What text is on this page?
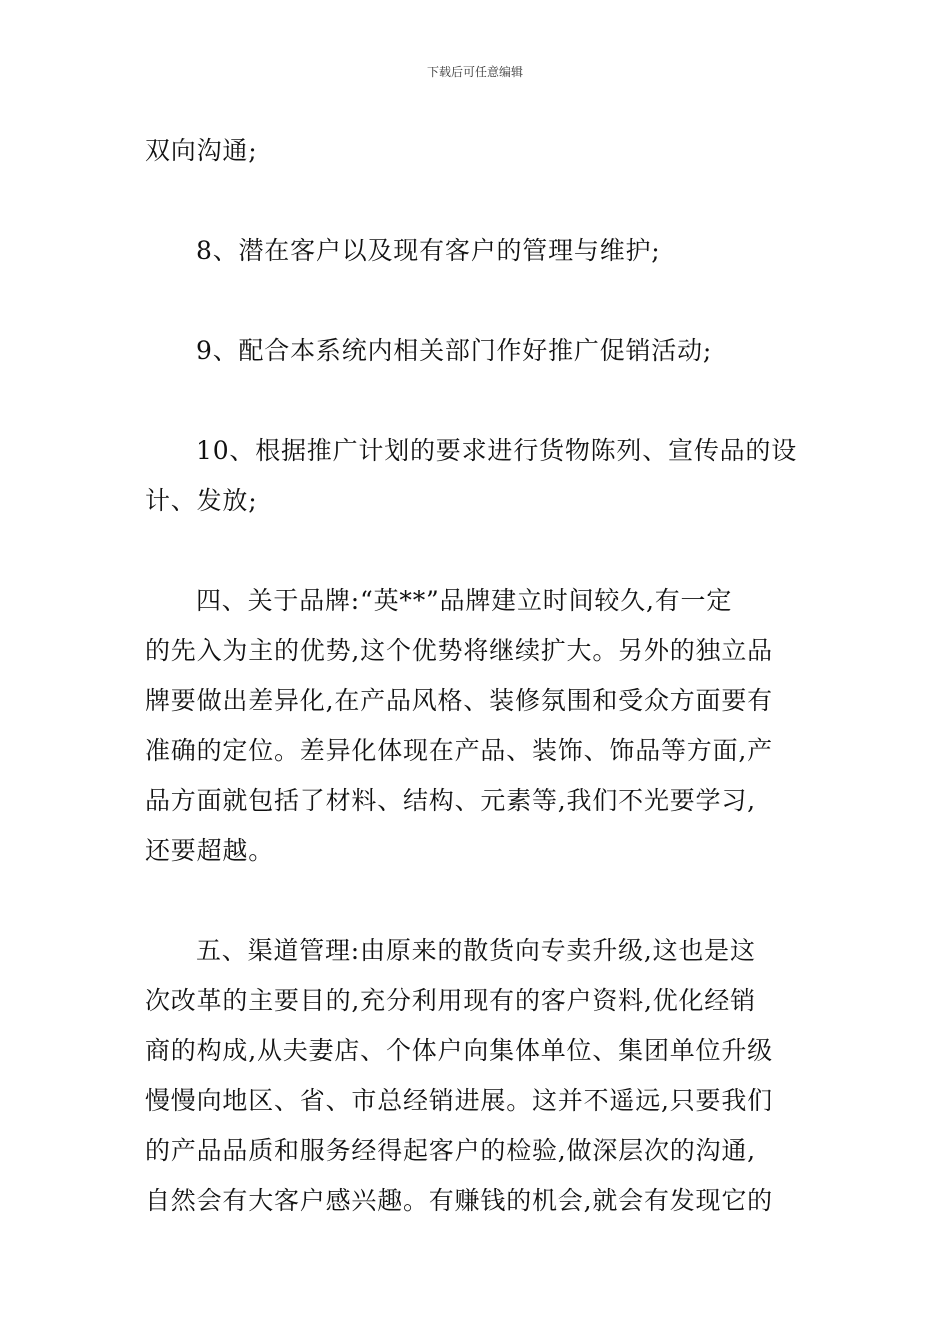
下载后可任意编辑
双向沟通;
8、潜在客户以及现有客户的管理与维护;
9、配合本系统内相关部门作好推广促销活动;
10、根据推广计划的要求进行货物陈列、宣传品的设
计、发放;
四、关于品牌:“英**”品牌建立时间较久,有一定
的先入为主的优势,这个优势将继续扩大。另外的独立品
牌要做出差异化,在产品风格、装修氛围和受众方面要有
准确的定位。差异化体现在产品、装饰、饰品等方面,产
品方面就包括了材料、结构、元素等,我们不光要学习,
还要超越。
五、渠道管理:由原来的散货向专卖升级,这也是这
次改革的主要目的,充分利用现有的客户资料,优化经销
商的构成,从夫妻店、个体户向集体单位、集团单位升级
慢慢向地区、省、市总经销进展。这并不遥远,只要我们
的产品品质和服务经得起客户的检验,做深层次的沟通,
自然会有大客户感兴趣。有赚钱的机会,就会有发现它的
